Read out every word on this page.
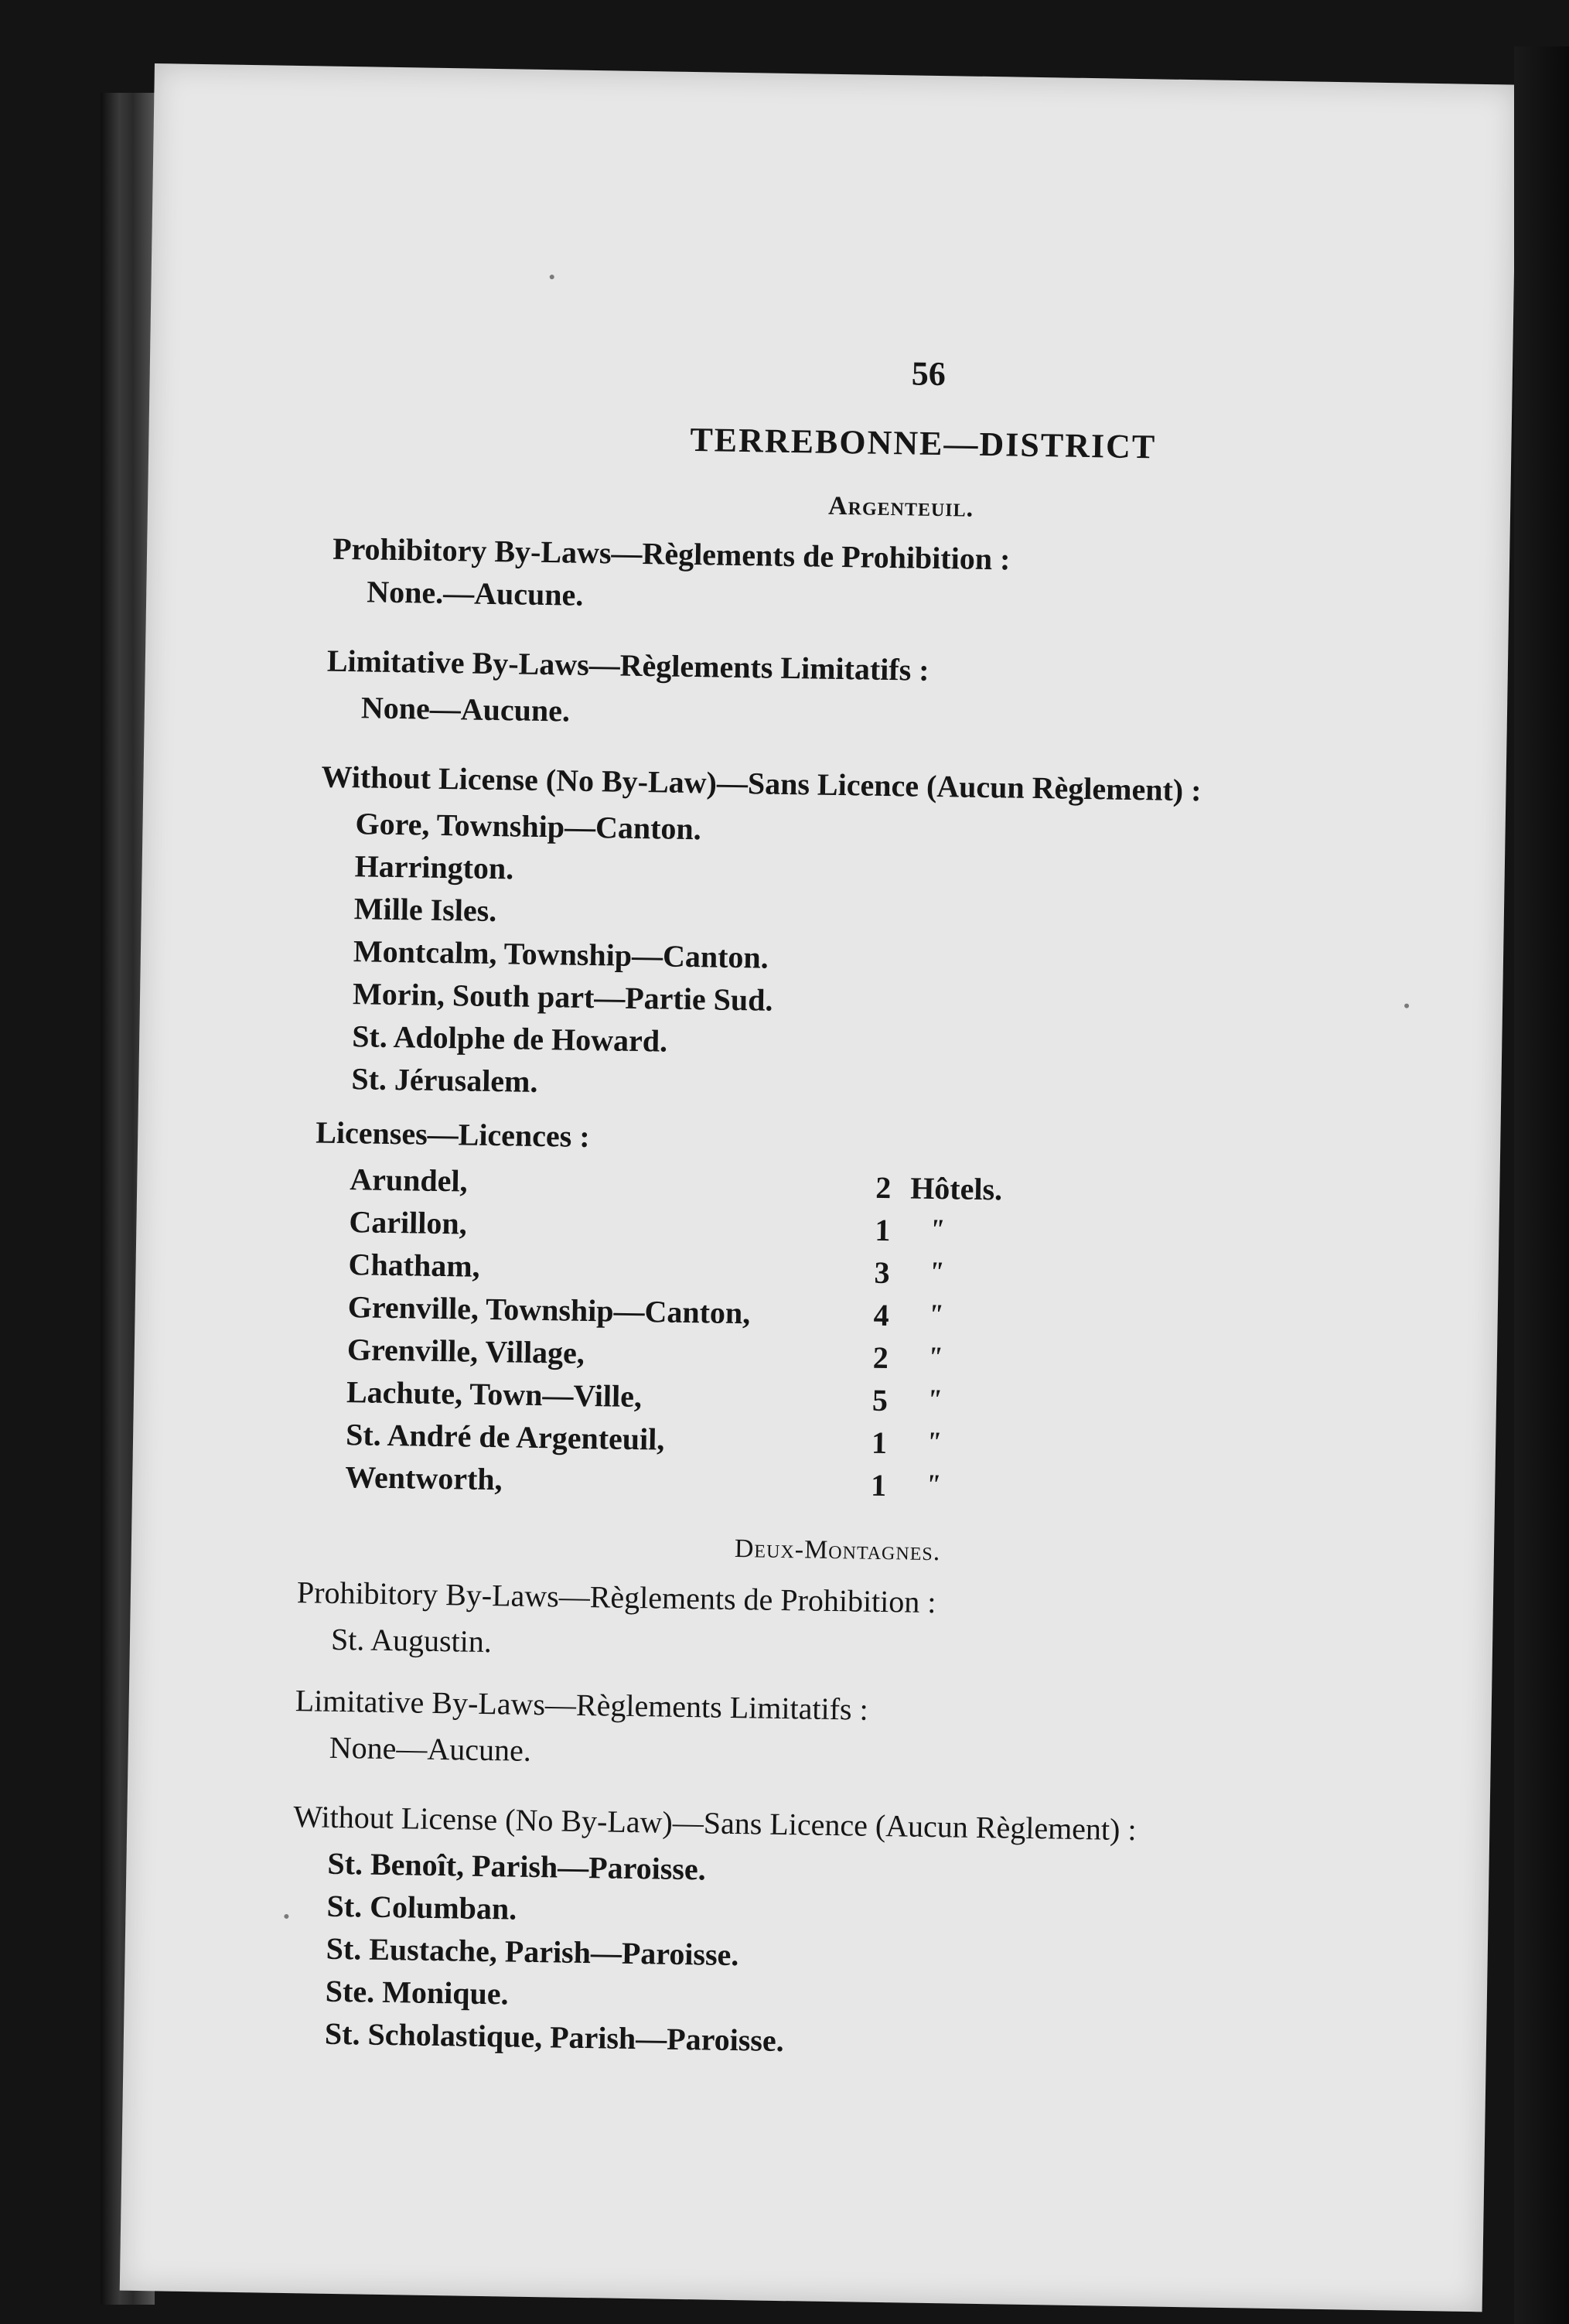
56
TERREBONNE—DISTRICT
Argenteuil.
Prohibitory By-Laws—Règlements de Prohibition :
None.—Aucune.
Limitative By-Laws—Règlements Limitatifs :
None—Aucune.
Without License (No By-Law)—Sans Licence (Aucun Règlement) :
Gore, Township—Canton.
Harrington.
Mille Isles.
Montcalm, Township—Canton.
Morin, South part—Partie Sud.
St. Adolphe de Howard.
St. Jérusalem.
Licenses—Licences :
Arundel,	2 Hôtels.
Carillon,	1 "
Chatham,	3 "
Grenville, Township—Canton,	4 "
Grenville, Village,	2 "
Lachute, Town—Ville,	5 "
St. André de Argenteuil,	1 "
Wentworth,	1 "
Deux-Montagnes.
Prohibitory By-Laws—Règlements de Prohibition :
St. Augustin.
Limitative By-Laws—Règlements Limitatifs :
None—Aucune.
Without License (No By-Law)—Sans Licence (Aucun Règlement) :
St. Benoît, Parish—Paroisse.
St. Columban.
St. Eustache, Parish—Paroisse.
Ste. Monique.
St. Scholastique, Parish—Paroisse.
